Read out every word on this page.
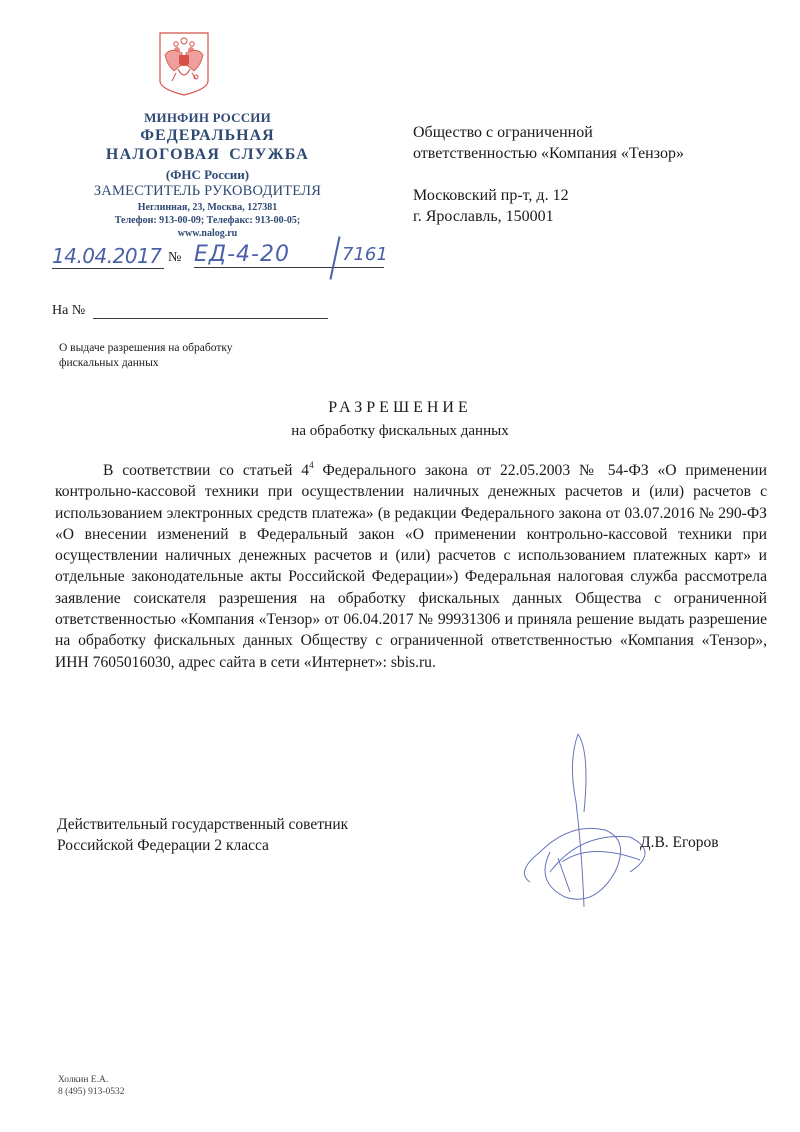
МИНФИН РОССИИ
ФЕДЕРАЛЬНАЯ
НАЛОГОВАЯ СЛУЖБА
(ФНС России)
ЗАМЕСТИТЕЛЬ РУКОВОДИТЕЛЯ
Неглинная, 23, Москва, 127381
Телефон: 913-00-09; Телефакс: 913-00-05;
www.nalog.ru
14.04.2017 № ЕД-4-20	7161
На №
О выдаче разрешения на обработку
фискальных данных
Общество с ограниченной
ответственностью «Компания «Тензор»
Московский пр-т, д. 12
г. Ярославль, 150001
РАЗРЕШЕНИЕ
на обработку фискальных данных
В соответствии со статьей $4^4$ Федерального закона от 22.05.2003 № 54-ФЗ «О применении контрольно-кассовой техники при осуществлении наличных денежных расчетов и (или) расчетов с использованием электронных средств платежа» (в редакции Федерального закона от 03.07.2016 № 290-ФЗ «О внесении изменений в Федеральный закон «О применении контрольно-кассовой техники при осуществлении наличных денежных расчетов и (или) расчетов с использованием платежных карт» и отдельные законодательные акты Российской Федерации») Федеральная налоговая служба рассмотрела заявление соискателя разрешения на обработку фискальных данных Общества с ограниченной ответственностью «Компания «Тензор» от 06.04.2017 № 99931306 и приняла решение выдать разрешение на обработку фискальных данных Обществу с ограниченной ответственностью «Компания «Тензор», ИНН 7605016030, адрес сайта в сети «Интернет»: sbis.ru.
Действительный государственный советник
Российской Федерации 2 класса	Д.В. Егоров
Холкин Е.А.
8 (495) 913-0532
